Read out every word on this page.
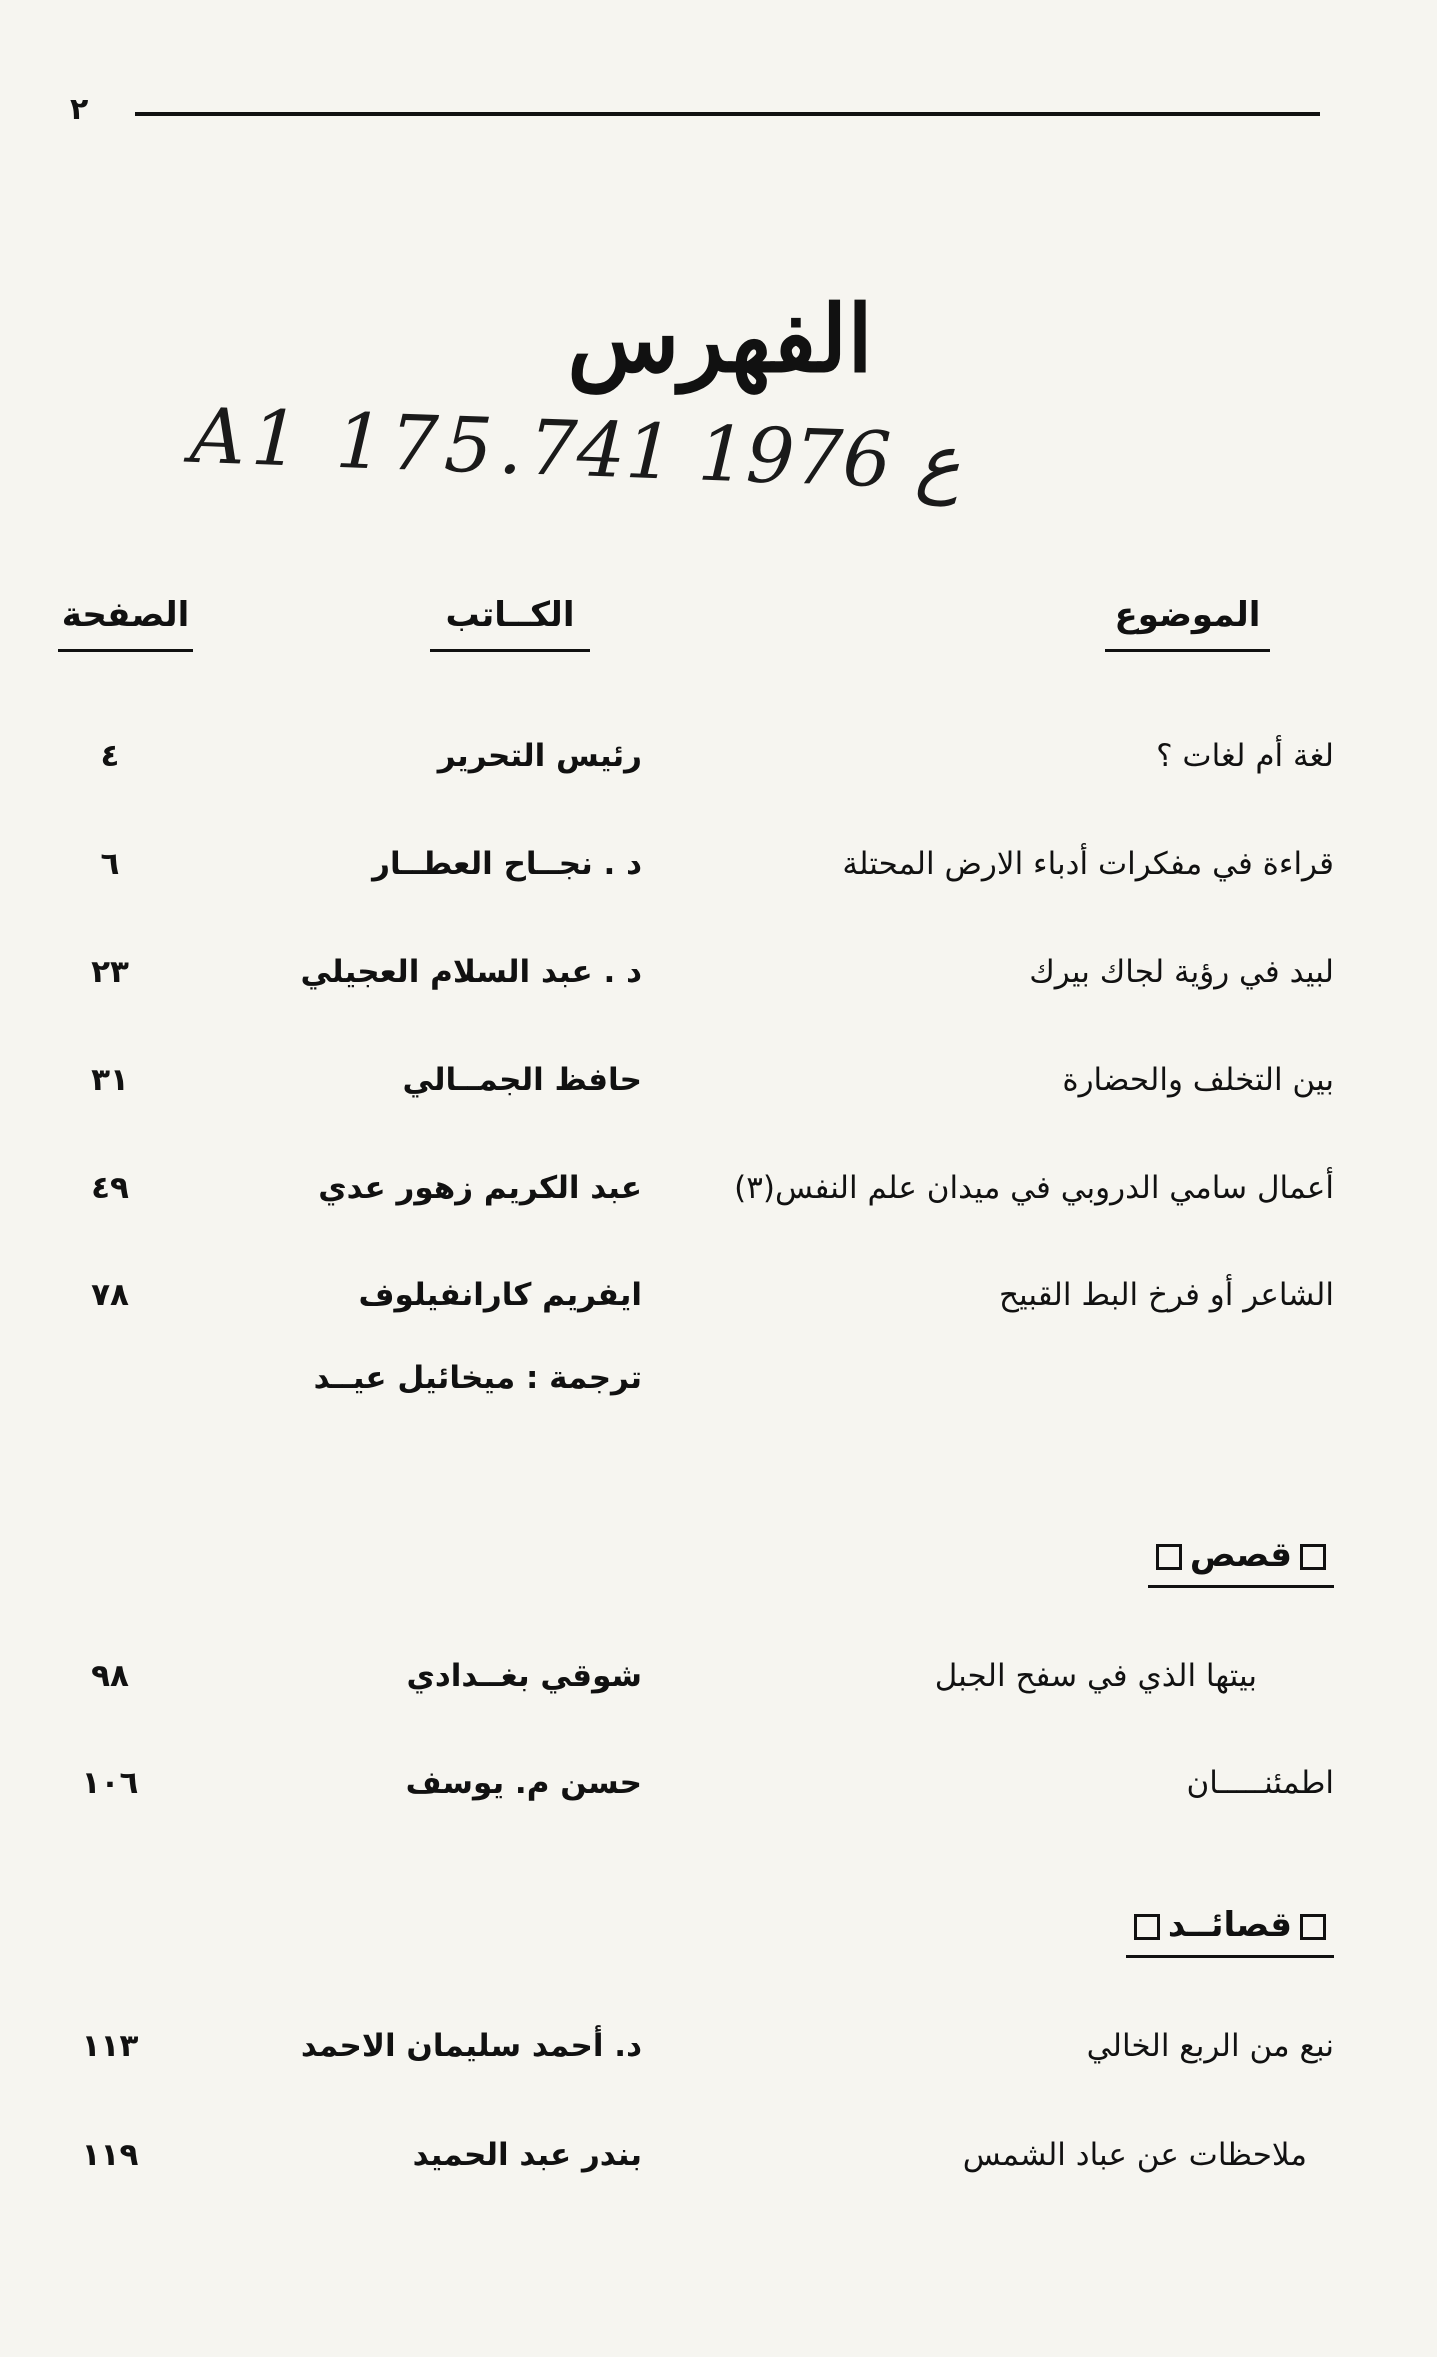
٢
الفهرس
A1 175.ع 1976 741
الموضوع
الكــاتب
الصفحة
لغة أم لغات ؟
رئيس التحرير
٤
قراءة في مفكرات أدباء الارض المحتلة
د . نجــاح العطــار
٦
لبيد في رؤية لجاك بيرك
د . عبد السلام العجيلي
٢٣
بين التخلف والحضارة
حافظ الجمــالي
٣١
أعمال سامي الدروبي في ميدان علم النفس(٣)
عبد الكريم زهور عدي
٤٩
الشاعر أو فرخ البط القبيح
ايفريم كارانفيلوف
٧٨
ترجمة : ميخائيل عيــد
قصص
بيتها الذي في سفح الجبل
شوقي بغــدادي
٩٨
اطمئنـــــان
حسن م. يوسف
١٠٦
قصائــد
نبع من الربع الخالي
د. أحمد سليمان الاحمد
١١٣
ملاحظات عن عباد الشمس
بندر عبد الحميد
١١٩
